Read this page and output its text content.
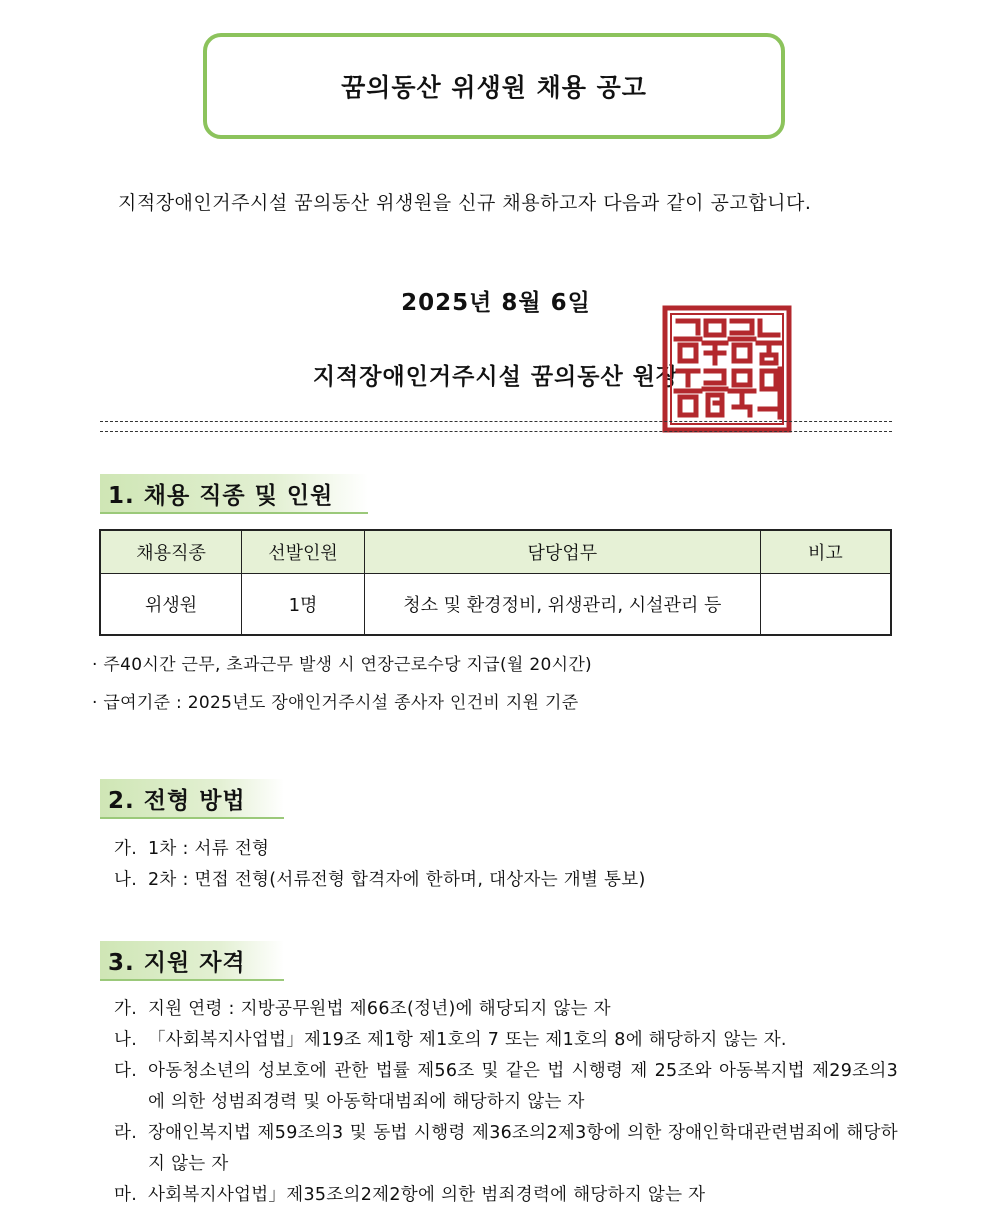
꿈의동산 위생원 채용 공고
지적장애인거주시설 꿈의동산 위생원을 신규 채용하고자 다음과 같이 공고합니다.
2025년 8월 6일
지적장애인거주시설 꿈의동산 원장
1. 채용 직종 및 인원
채용직종	선발인원	담당업무	비고
위생원	1명	청소 및 환경정비, 위생관리, 시설관리 등	
· 주40시간 근무, 초과근무 발생 시 연장근로수당 지급(월 20시간)
· 급여기준 : 2025년도 장애인거주시설 종사자 인건비 지원 기준
2. 전형 방법
가. 1차 : 서류 전형
나. 2차 : 면접 전형(서류전형 합격자에 한하며, 대상자는 개별 통보)
3. 지원 자격
가. 지원 연령 : 지방공무원법 제66조(정년)에 해당되지 않는 자
나. 「사회복지사업법」제19조 제1항 제1호의 7 또는 제1호의 8에 해당하지 않는 자.
다. 아동청소년의 성보호에 관한 법률 제56조 및 같은 법 시행령 제 25조와 아동복지법 제29조의3에 의한 성범죄경력 및 아동학대범죄에 해당하지 않는 자
라. 장애인복지법 제59조의3 및 동법 시행령 제36조의2제3항에 의한 장애인학대관련범죄에 해당하지 않는 자
마. 사회복지사업법」제35조의2제2항에 의한 범죄경력에 해당하지 않는 자
